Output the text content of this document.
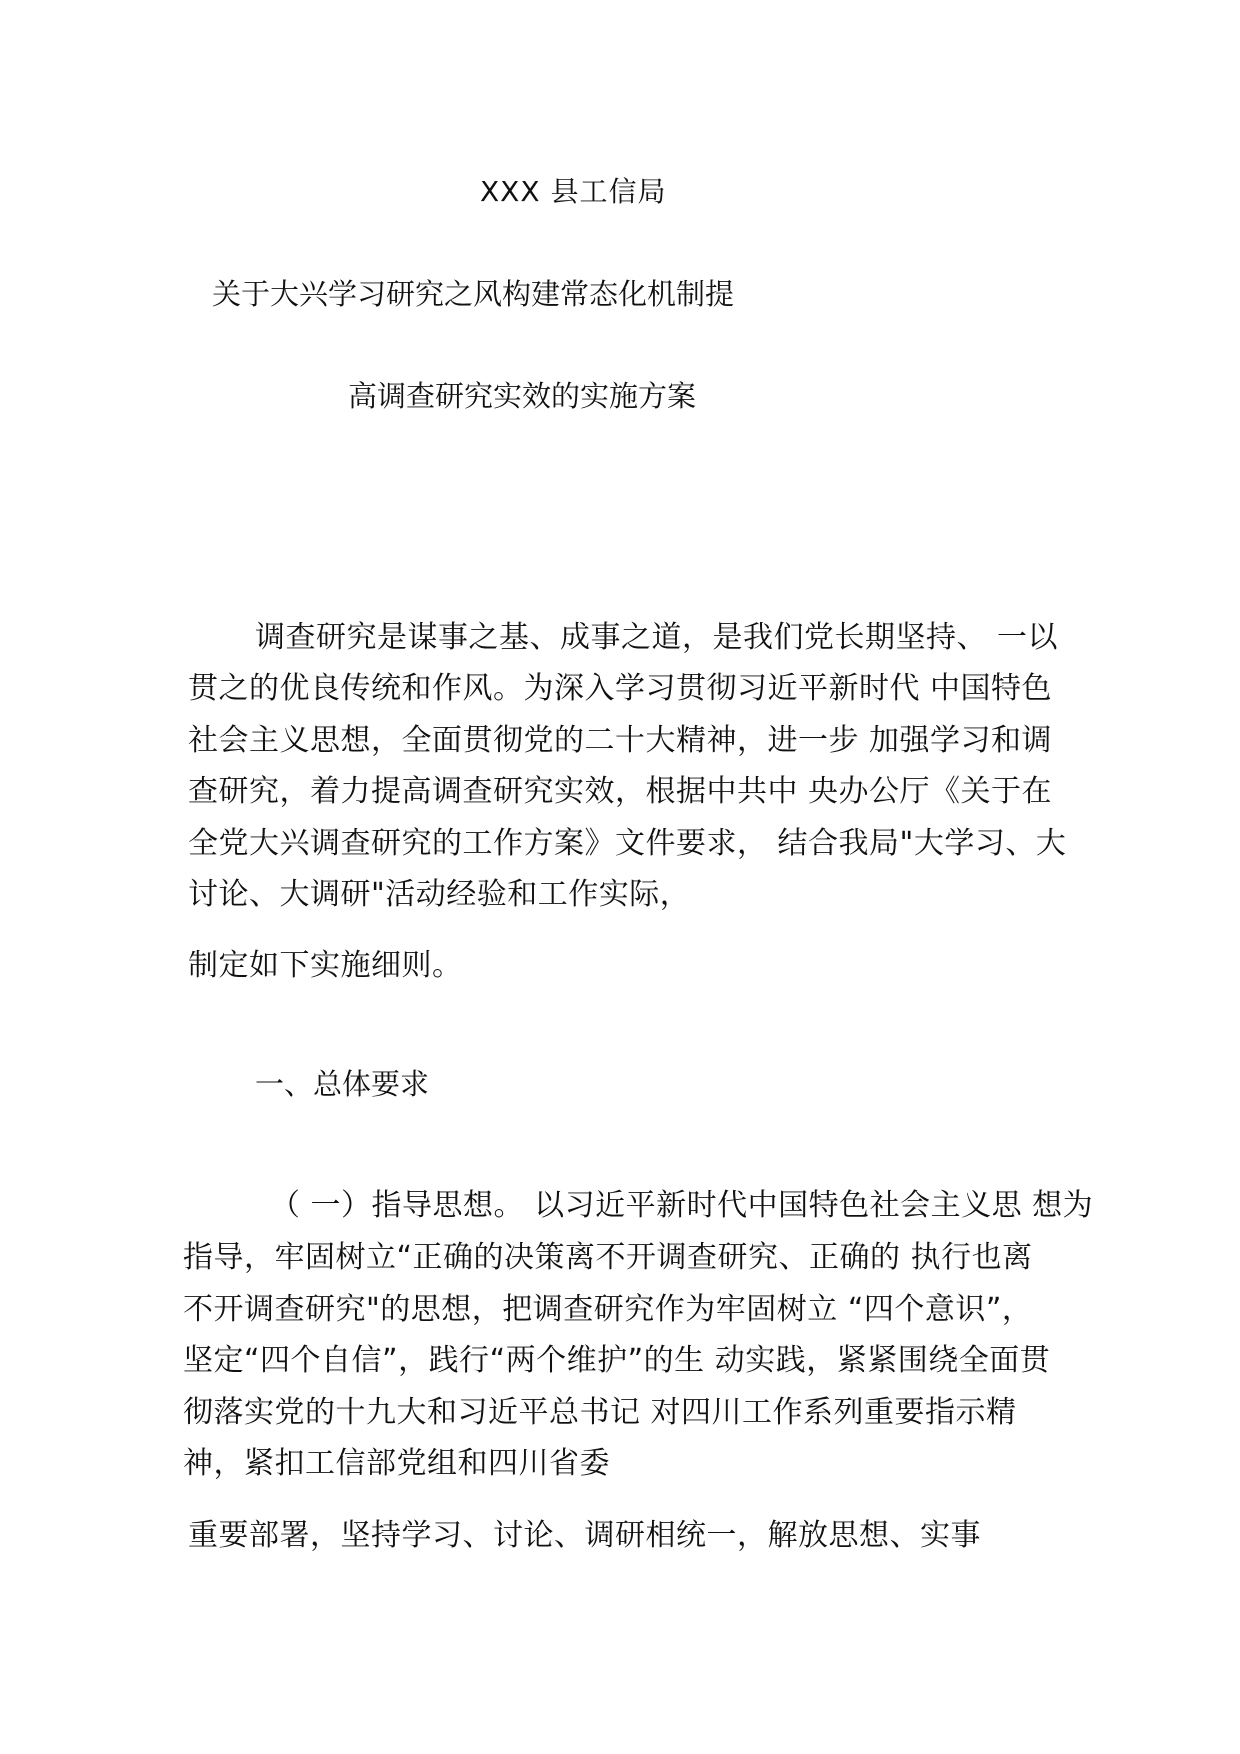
XXX 县工信局
关于大兴学习研究之风构建常态化机制提
高调查研究实效的实施方案
调查研究是谋事之基、成事之道，是我们党长期坚持、 一以
贯之的优良传统和作风。为深入学习贯彻习近平新时代 中国特色
社会主义思想，全面贯彻党的二十大精神，进一步 加强学习和调
查研究，着力提高调查研究实效，根据中共中 央办公厅《关于在
全党大兴调查研究的工作方案》文件要求， 结合我局"大学习、大
讨论、大调研"活动经验和工作实际，
制定如下实施细则。
一、总体要求
（ 一）指导思想。 以习近平新时代中国特色社会主义思 想为
指导，牢固树立“正确的决策离不开调查研究、正确的 执行也离
不开调查研究"的思想，把调查研究作为牢固树立 “四个意识”，
坚定“四个自信”，践行“两个维护”的生 动实践，紧紧围绕全面贯
彻落实党的十九大和习近平总书记 对四川工作系列重要指示精
神，紧扣工信部党组和四川省委
重要部署，坚持学习、讨论、调研相统一，解放思想、实事
